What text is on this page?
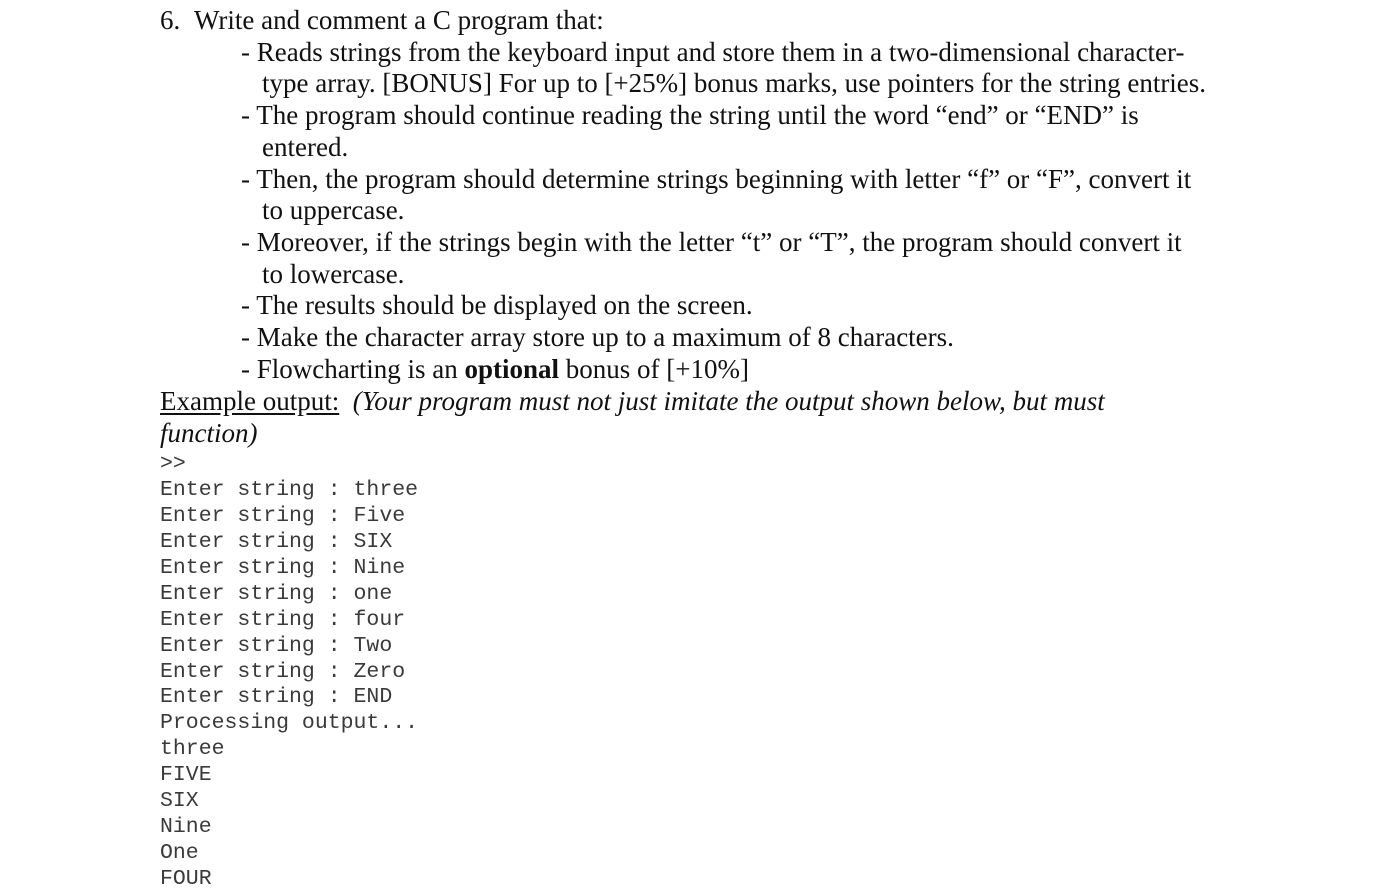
6. Write and comment a C program that:
- Reads strings from the keyboard input and store them in a two-dimensional character-
type array. [BONUS] For up to [+25%] bonus marks, use pointers for the string entries.
- The program should continue reading the string until the word “end” or “END” is
entered.
- Then, the program should determine strings beginning with letter “f” or “F”, convert it
to uppercase.
- Moreover, if the strings begin with the letter “t” or “T”, the program should convert it
to lowercase.
- The results should be displayed on the screen.
- Make the character array store up to a maximum of 8 characters.
- Flowcharting is an optional bonus of [+10%]
Example output: (Your program must not just imitate the output shown below, but must
function)
>>
Enter string : three
Enter string : Five
Enter string : SIX
Enter string : Nine
Enter string : one
Enter string : four
Enter string : Two
Enter string : Zero
Enter string : END
Processing output...
three
FIVE
SIX
Nine
One
FOUR
